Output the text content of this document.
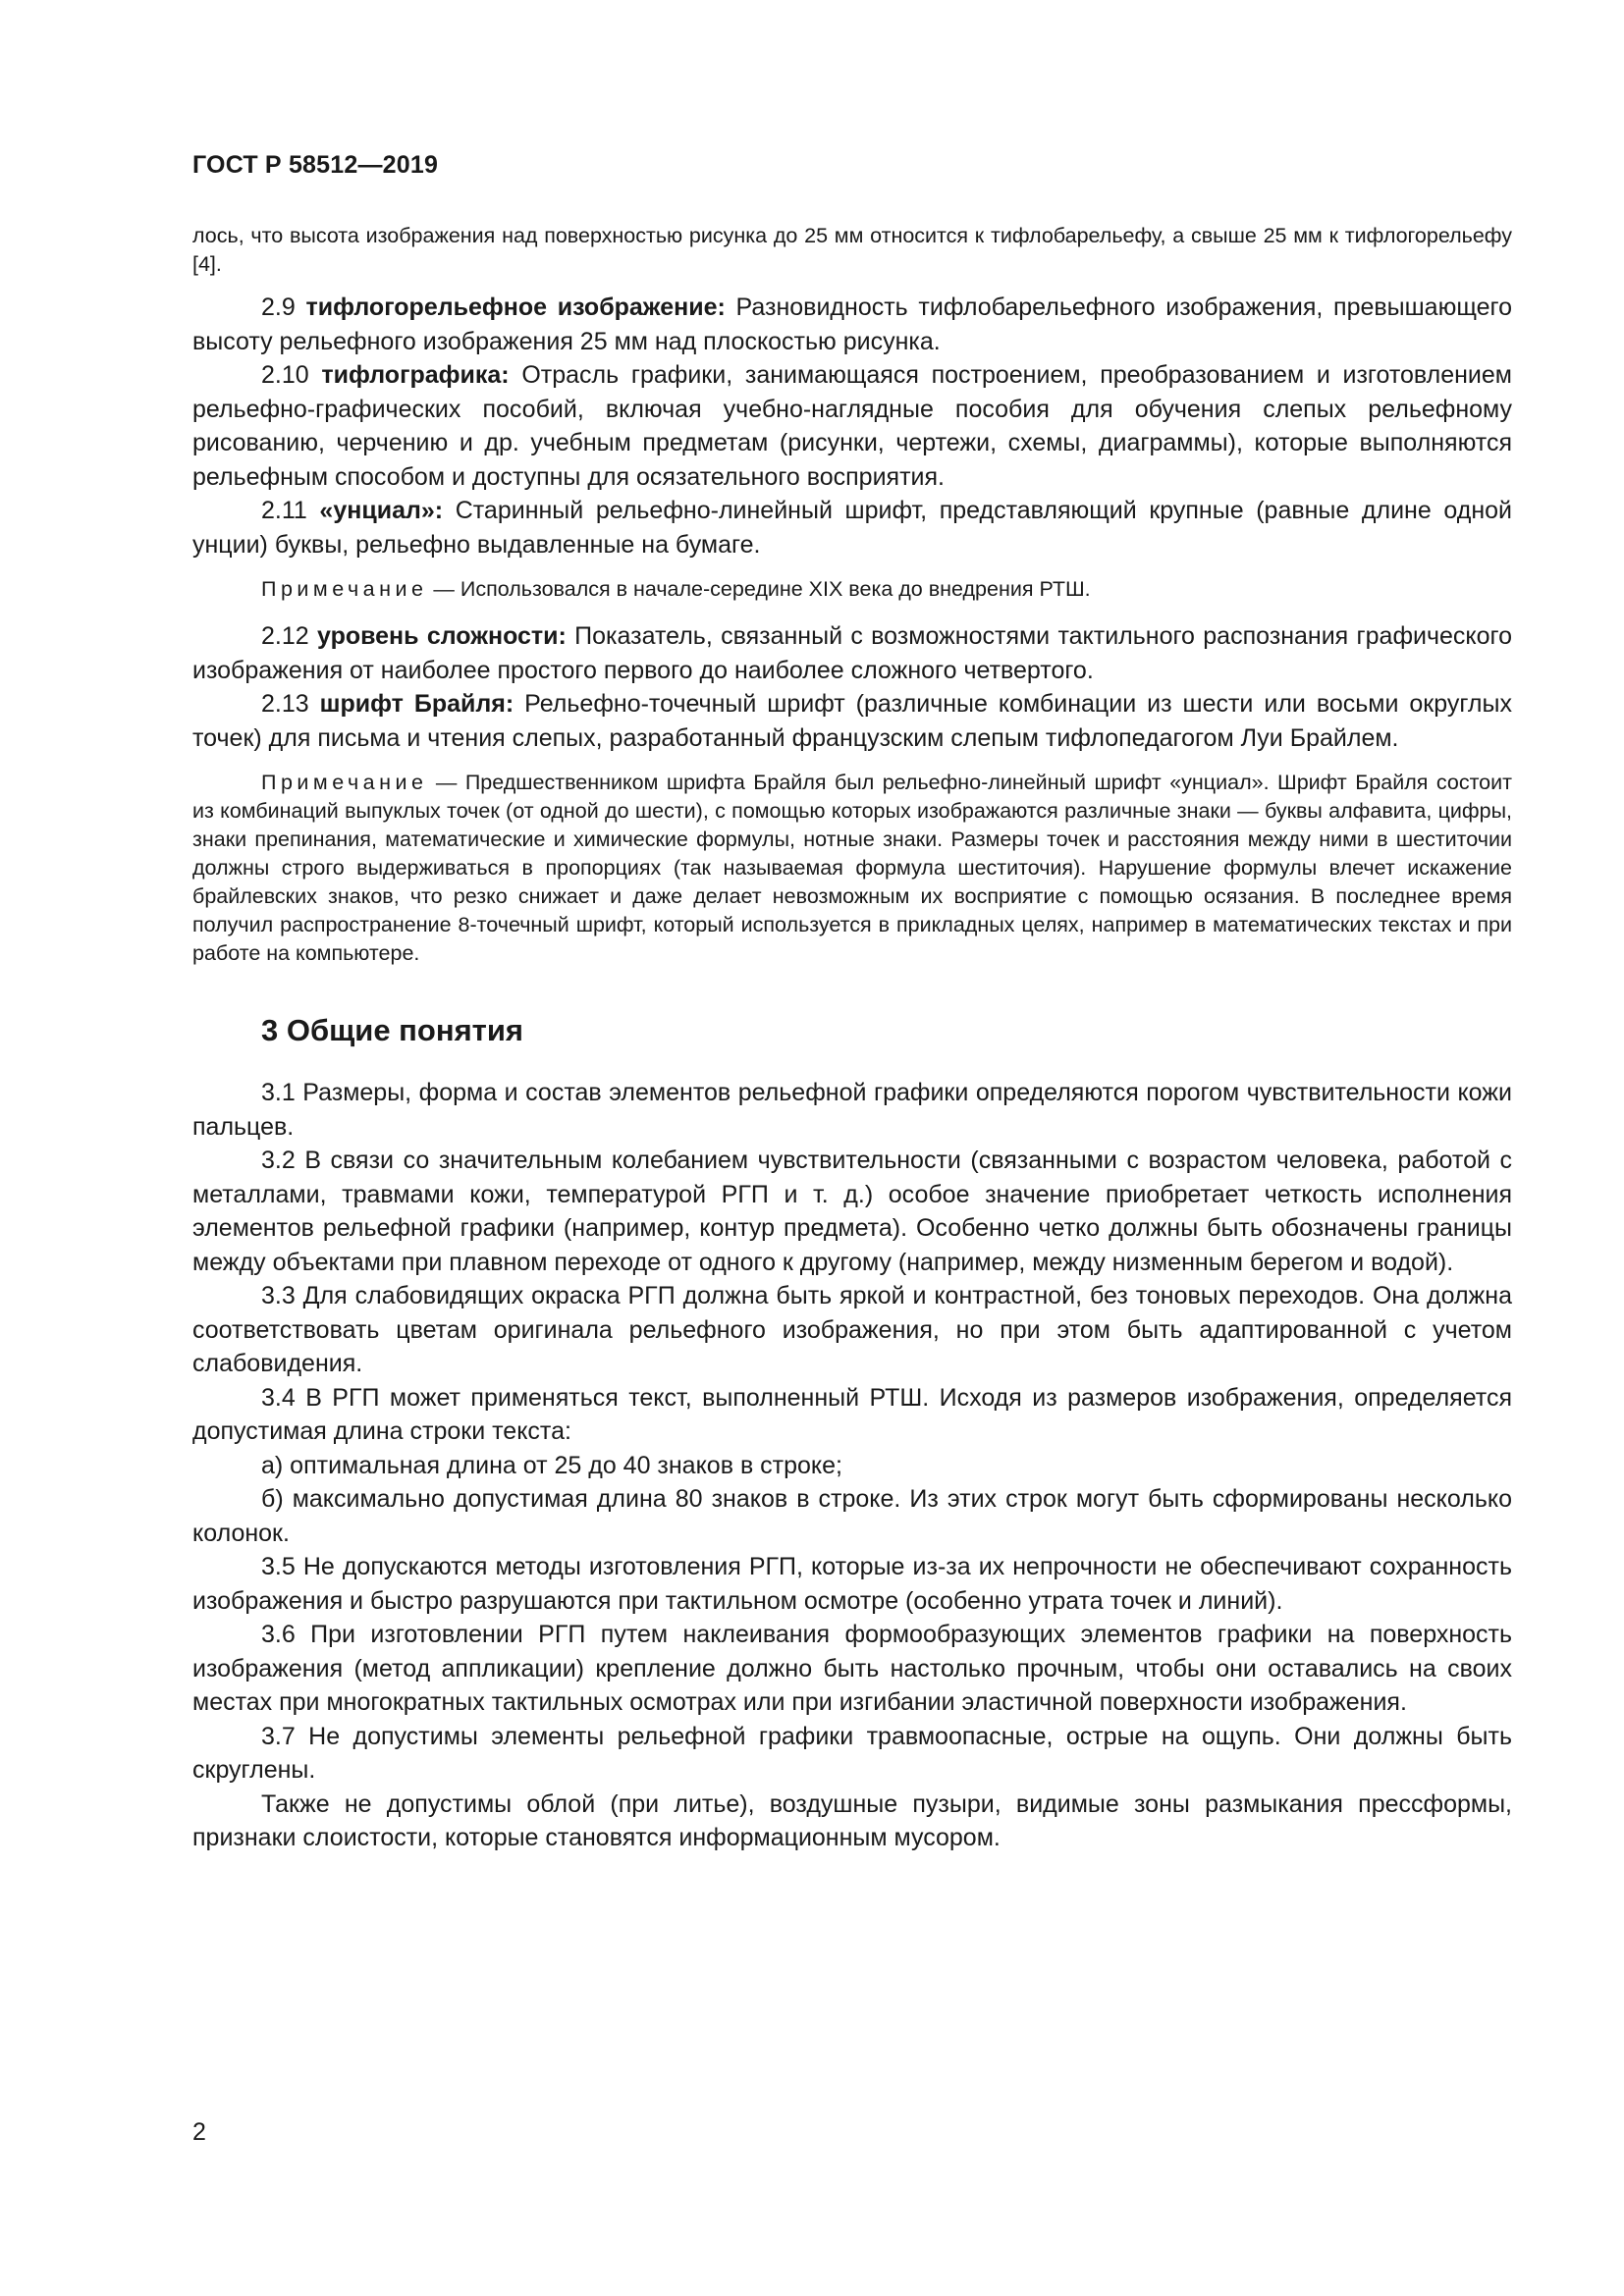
ГОСТ Р 58512—2019

лось, что высота изображения над поверхностью рисунка до 25 мм относится к тифлобарельефу, а свыше 25 мм к тифлогорельефу [4].

2.9 тифлогорельефное изображение: Разновидность тифлобарельефного изображения, превышающего высоту рельефного изображения 25 мм над плоскостью рисунка.

2.10 тифлографика: Отрасль графики, занимающаяся построением, преобразованием и изготовлением рельефно-графических пособий, включая учебно-наглядные пособия для обучения слепых рельефному рисованию, черчению и др. учебным предметам (рисунки, чертежи, схемы, диаграммы), которые выполняются рельефным способом и доступны для осязательного восприятия.

2.11 «унциал»: Старинный рельефно-линейный шрифт, представляющий крупные (равные длине одной унции) буквы, рельефно выдавленные на бумаге.

Примечание — Использовался в начале-середине XIX века до внедрения РТШ.

2.12 уровень сложности: Показатель, связанный с возможностями тактильного распознания графического изображения от наиболее простого первого до наиболее сложного четвертого.

2.13 шрифт Брайля: Рельефно-точечный шрифт (различные комбинации из шести или восьми округлых точек) для письма и чтения слепых, разработанный французским слепым тифлопедагогом Луи Брайлем.

Примечание — Предшественником шрифта Брайля был рельефно-линейный шрифт «унциал». Шрифт Брайля состоит из комбинаций выпуклых точек (от одной до шести), с помощью которых изображаются различные знаки — буквы алфавита, цифры, знаки препинания, математические и химические формулы, нотные знаки. Размеры точек и расстояния между ними в шеститочии должны строго выдерживаться в пропорциях (так называемая формула шеститочия). Нарушение формулы влечет искажение брайлевских знаков, что резко снижает и даже делает невозможным их восприятие с помощью осязания. В последнее время получил распространение 8-точечный шрифт, который используется в прикладных целях, например в математических текстах и при работе на компьютере.

3 Общие понятия

3.1 Размеры, форма и состав элементов рельефной графики определяются порогом чувствительности кожи пальцев.

3.2 В связи со значительным колебанием чувствительности (связанными с возрастом человека, работой с металлами, травмами кожи, температурой РГП и т. д.) особое значение приобретает четкость исполнения элементов рельефной графики (например, контур предмета). Особенно четко должны быть обозначены границы между объектами при плавном переходе от одного к другому (например, между низменным берегом и водой).

3.3 Для слабовидящих окраска РГП должна быть яркой и контрастной, без тоновых переходов. Она должна соответствовать цветам оригинала рельефного изображения, но при этом быть адаптированной с учетом слабовидения.

3.4 В РГП может применяться текст, выполненный РТШ. Исходя из размеров изображения, определяется допустимая длина строки текста:

а) оптимальная длина от 25 до 40 знаков в строке;

б) максимально допустимая длина 80 знаков в строке. Из этих строк могут быть сформированы несколько колонок.

3.5 Не допускаются методы изготовления РГП, которые из-за их непрочности не обеспечивают сохранность изображения и быстро разрушаются при тактильном осмотре (особенно утрата точек и линий).

3.6 При изготовлении РГП путем наклеивания формообразующих элементов графики на поверхность изображения (метод аппликации) крепление должно быть настолько прочным, чтобы они оставались на своих местах при многократных тактильных осмотрах или при изгибании эластичной поверхности изображения.

3.7 Не допустимы элементы рельефной графики травмоопасные, острые на ощупь. Они должны быть скруглены.

Также не допустимы облой (при литье), воздушные пузыри, видимые зоны размыкания прессформы, признаки слоистости, которые становятся информационным мусором.

2
